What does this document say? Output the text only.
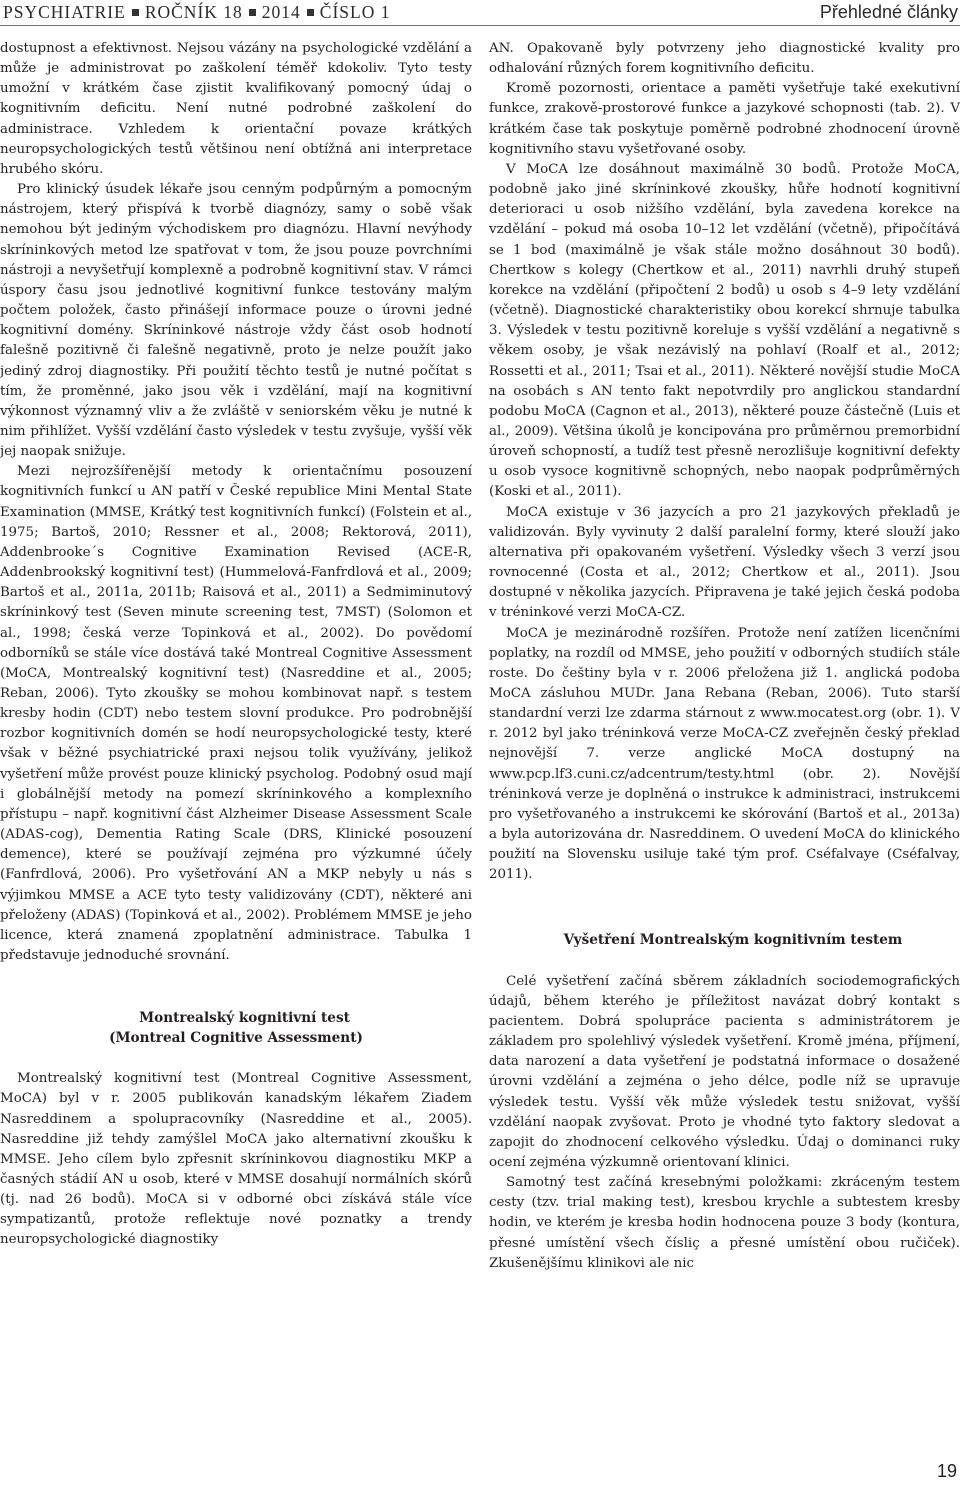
PSYCHIATRIE ROČNÍK 18 2014 ČÍSLO 1	Přehledné články

dostupnost a efektivnost. Nejsou vázány na psychologické vzdělání a může je administrovat po zaškolení téměř kdokoliv. Tyto testy umožní v krátkém čase zjistit kvalifikovaný pomocný údaj o kognitivním deficitu. Není nutné podrobné zaškolení do administrace. Vzhledem k orientační povaze krátkých neuropsychologických testů většinou není obtížná ani interpretace hrubého skóru.

Pro klinický úsudek lékaře jsou cenným podpůrným a pomocným nástrojem, který přispívá k tvorbě diagnózy, samy o sobě však nemohou být jediným východiskem pro diagnózu. Hlavní nevýhody skríninkových metod lze spatřovat v tom, že jsou pouze povrchními nástroji a nevyšetřují komplexně a podrobně kognitivní stav. V rámci úspory času jsou jednotlivé kognitivní funkce testovány malým počtem položek, často přinášejí informace pouze o úrovni jedné kognitivní domény. Skríninkové nástroje vždy část osob hodnotí falešně pozitivně či falešně negativně, proto je nelze použít jako jediný zdroj diagnostiky. Při použití těchto testů je nutné počítat s tím, že proměnné, jako jsou věk i vzdělání, mají na kognitivní výkonnost významný vliv a že zvláště v seniorském věku je nutné k nim přihlížet. Vyšší vzdělání často výsledek v testu zvyšuje, vyšší věk jej naopak snižuje.

Mezi nejrozšířenější metody k orientačnímu posouzení kognitivních funkcí u AN patří v České republice Mini Mental State Examination (MMSE, Krátký test kognitivních funkcí) (Folstein et al., 1975; Bartoš, 2010; Ressner et al., 2008; Rektorová, 2011), Addenbrooke´s Cognitive Examination Revised (ACE-R, Addenbrookský kognitivní test) (Hummelová-Fanfrdlová et al., 2009; Bartoš et al., 2011a, 2011b; Raisová et al., 2011) a Sedmiminutový skríninkový test (Seven minute screening test, 7MST) (Solomon et al., 1998; česká verze Topinková et al., 2002). Do povědomí odborníků se stále více dostává také Montreal Cognitive Assessment (MoCA, Montrealský kognitivní test) (Nasreddine et al., 2005; Reban, 2006). Tyto zkoušky se mohou kombinovat např. s testem kresby hodin (CDT) nebo testem slovní produkce. Pro podrobnější rozbor kognitivních domén se hodí neuropsychologické testy, které však v běžné psychiatrické praxi nejsou tolik využívány, jelikož vyšetření může provést pouze klinický psycholog. Podobný osud mají i globálnější metody na pomezí skríninkového a komplexního přístupu – např. kognitivní část Alzheimer Disease Assessment Scale (ADAS-cog), Dementia Rating Scale (DRS, Klinické posouzení demence), které se používají zejména pro výzkumné účely (Fanfrdlová, 2006). Pro vyšetřování AN a MKP nebyly u nás s výjimkou MMSE a ACE tyto testy validizovány (CDT), některé ani přeloženy (ADAS) (Topinková et al., 2002). Problémem MMSE je jeho licence, která znamená zpoplatnění administrace. Tabulka 1 představuje jednoduché srovnání.

Montrealský kognitivní test
(Montreal Cognitive Assessment)

Montrealský kognitivní test (Montreal Cognitive Assessment, MoCA) byl v r. 2005 publikován kanadským lékařem Ziadem Nasreddinem a spolupracovníky (Nasreddine et al., 2005). Nasreddine již tehdy zamýšlel MoCA jako alternativní zkoušku k MMSE. Jeho cílem bylo zpřesnit skríninkovou diagnostiku MKP a časných stádií AN u osob, které v MMSE dosahují normálních skórů (tj. nad 26 bodů). MoCA si v odborné obci získává stále více sympatizantů, protože reflektuje nové poznatky a trendy neuropsychologické diagnostiky

AN. Opakovaně byly potvrzeny jeho diagnostické kvality pro odhalování různých forem kognitivního deficitu.

Kromě pozornosti, orientace a paměti vyšetřuje také exekutivní funkce, zrakově-prostorové funkce a jazykové schopnosti (tab. 2). V krátkém čase tak poskytuje poměrně podrobné zhodnocení úrovně kognitivního stavu vyšetřované osoby.

V MoCA lze dosáhnout maximálně 30 bodů. Protože MoCA, podobně jako jiné skríninkové zkoušky, hůře hodnotí kognitivní deterioraci u osob nižšího vzdělání, byla zavedena korekce na vzdělání – pokud má osoba 10–12 let vzdělání (včetně), připočítává se 1 bod (maximálně je však stále možno dosáhnout 30 bodů). Chertkow s kolegy (Chertkow et al., 2011) navrhli druhý stupeň korekce na vzdělání (připočtení 2 bodů) u osob s 4–9 lety vzdělání (včetně). Diagnostické charakteristiky obou korekcí shrnuje tabulka 3. Výsledek v testu pozitivně koreluje s vyšší vzdělání a negativně s věkem osoby, je však nezávislý na pohlaví (Roalf et al., 2012; Rossetti et al., 2011; Tsai et al., 2011). Některé novější studie MoCA na osobách s AN tento fakt nepotvrdily pro anglickou standardní podobu MoCA (Cagnon et al., 2013), některé pouze částečně (Luis et al., 2009). Většina úkolů je koncipována pro průměrnou premorbidní úroveň schopností, a tudíž test přesně nerozlišuje kognitivní defekty u osob vysoce kognitivně schopných, nebo naopak podprůměrných (Koski et al., 2011).

MoCA existuje v 36 jazycích a pro 21 jazykových překladů je validizován. Byly vyvinuty 2 další paralelní formy, které slouží jako alternativa při opakovaném vyšetření. Výsledky všech 3 verzí jsou rovnocenné (Costa et al., 2012; Chertkow et al., 2011). Jsou dostupné v několika jazycích. Připravena je také jejich česká podoba v tréninkové verzi MoCA-CZ.

MoCA je mezinárodně rozšířen. Protože není zatížen licenčními poplatky, na rozdíl od MMSE, jeho použití v odborných studiích stále roste. Do češtiny byla v r. 2006 přeložena již 1. anglická podoba MoCA zásluhou MUDr. Jana Rebana (Reban, 2006). Tuto starší standardní verzi lze zdarma stárnout z www.mocatest.org (obr. 1). V r. 2012 byl jako tréninková verze MoCA-CZ zveřejněn český překlad nejnovější 7. verze anglické MoCA dostupný na www.pcp.lf3.cuni.cz/adcentrum/testy.html (obr. 2). Novější tréninková verze je doplněná o instrukce k administraci, instrukcemi pro vyšetřovaného a instrukcemi ke skórování (Bartoš et al., 2013a) a byla autorizována dr. Nasreddinem. O uvedení MoCA do klinického použití na Slovensku usiluje také tým prof. Cséfalvaye (Cséfalvay, 2011).

Vyšetření Montrealským kognitivním testem

Celé vyšetření začíná sběrem základních sociodemografických údajů, během kterého je příležitost navázat dobrý kontakt s pacientem. Dobrá spolupráce pacienta s administrátorem je základem pro spolehlivý výsledek vyšetření. Kromě jména, příjmení, data narození a data vyšetření je podstatná informace o dosažené úrovni vzdělání a zejména o jeho délce, podle níž se upravuje výsledek testu. Vyšší věk může výsledek testu snižovat, vyšší vzdělání naopak zvyšovat. Proto je vhodné tyto faktory sledovat a zapojit do zhodnocení celkového výsledku. Údaj o dominanci ruky ocení zejména výzkumně orientovaní klinici.

Samotný test začíná kresebnými položkami: zkráceným testem cesty (tzv. trial making test), kresbou krychle a subtestem kresby hodin, ve kterém je kresba hodin hodnocena pouze 3 body (kontura, přesné umístění všech čísliç a přesné umístění obou ručiček). Zkušenějšímu klinikovi ale nic

19
